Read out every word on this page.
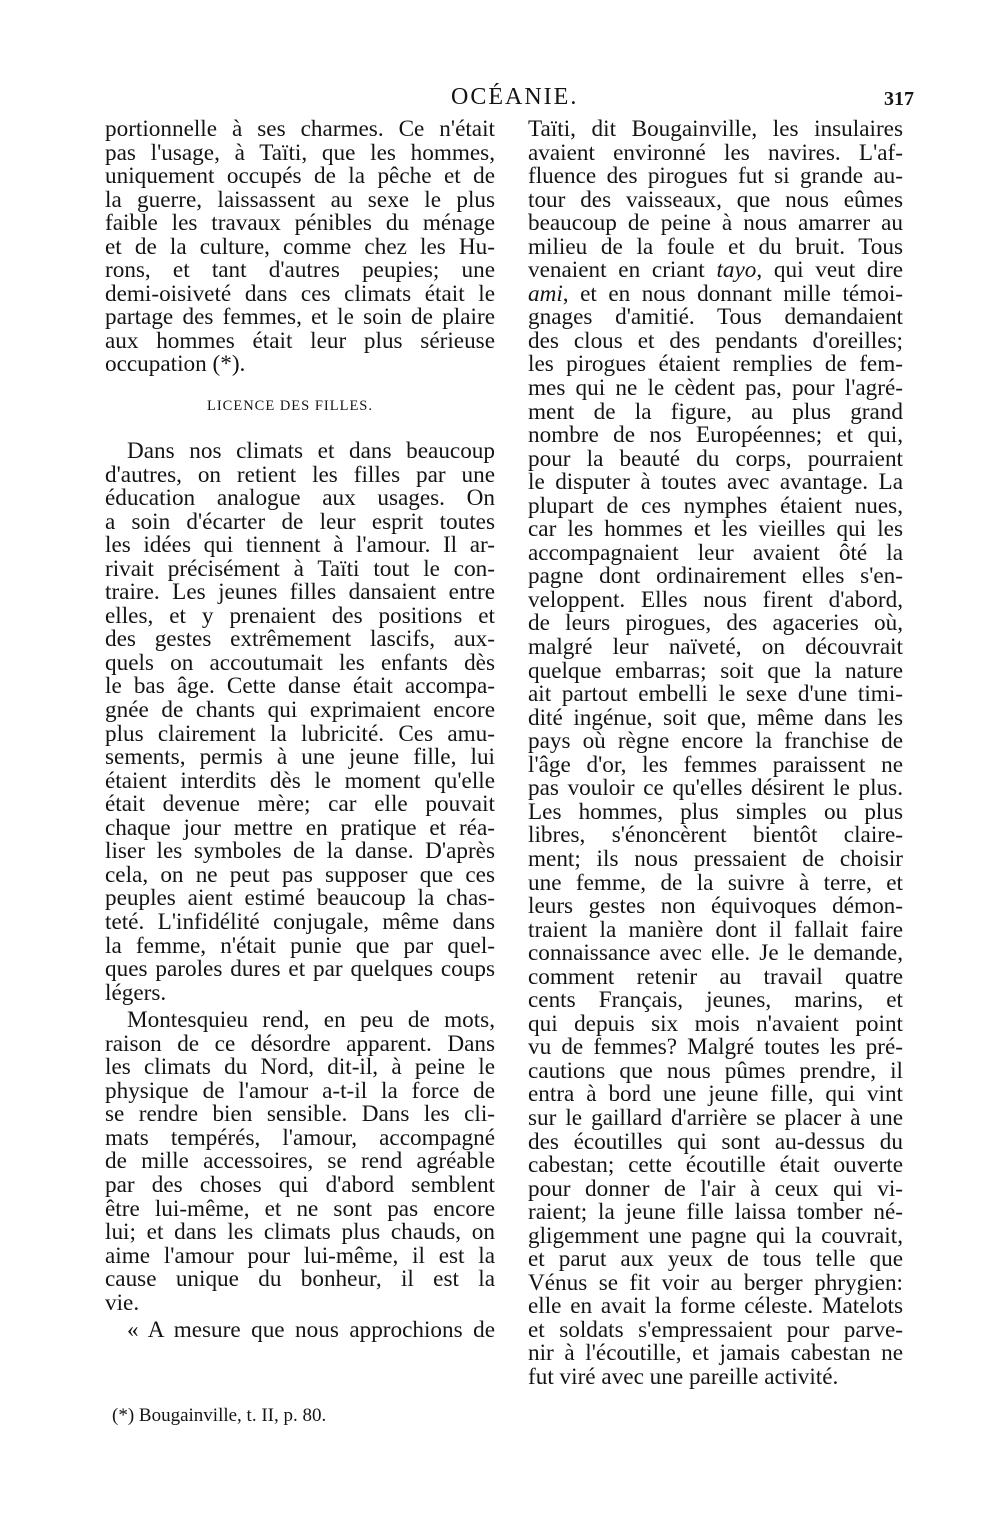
OCÉANIE.	317
portionnelle à ses charmes. Ce n'était
pas l'usage, à Taïti, que les hommes,
uniquement occupés de la pêche et de
la guerre, laissassent au sexe le plus
faible les travaux pénibles du ménage
et de la culture, comme chez les Hu-
rons, et tant d'autres peupies; une
demi-oisiveté dans ces climats était le
partage des femmes, et le soin de plaire
aux hommes était leur plus sérieuse
occupation (*).
LICENCE DES FILLES.
Dans nos climats et dans beaucoup
d'autres, on retient les filles par une
éducation analogue aux usages. On
a soin d'écarter de leur esprit toutes
les idées qui tiennent à l'amour. Il ar-
rivait précisément à Taïti tout le con-
traire. Les jeunes filles dansaient entre
elles, et y prenaient des positions et
des gestes extrêmement lascifs, aux-
quels on accoutumait les enfants dès
le bas âge. Cette danse était accompa-
gnée de chants qui exprimaient encore
plus clairement la lubricité. Ces amu-
sements, permis à une jeune fille, lui
étaient interdits dès le moment qu'elle
était devenue mère; car elle pouvait
chaque jour mettre en pratique et réa-
liser les symboles de la danse. D'après
cela, on ne peut pas supposer que ces
peuples aient estimé beaucoup la chas-
teté. L'infidélité conjugale, même dans
la femme, n'était punie que par quel-
ques paroles dures et par quelques coups
légers.
Montesquieu rend, en peu de mots,
raison de ce désordre apparent. Dans
les climats du Nord, dit-il, à peine le
physique de l'amour a-t-il la force de
se rendre bien sensible. Dans les cli-
mats tempérés, l'amour, accompagné
de mille accessoires, se rend agréable
par des choses qui d'abord semblent
être lui-même, et ne sont pas encore
lui; et dans les climats plus chauds, on
aime l'amour pour lui-même, il est la
cause unique du bonheur, il est la
vie.
« A mesure que nous approchions de
(*) Bougainville, t. II, p. 80.
Taïti, dit Bougainville, les insulaires
avaient environné les navires. L'af-
fluence des pirogues fut si grande au-
tour des vaisseaux, que nous eûmes
beaucoup de peine à nous amarrer au
milieu de la foule et du bruit. Tous
venaient en criant tayo, qui veut dire
ami, et en nous donnant mille témoi-
gnages d'amitié. Tous demandaient
des clous et des pendants d'oreilles;
les pirogues étaient remplies de fem-
mes qui ne le cèdent pas, pour l'agré-
ment de la figure, au plus grand
nombre de nos Européennes; et qui,
pour la beauté du corps, pourraient
le disputer à toutes avec avantage. La
plupart de ces nymphes étaient nues,
car les hommes et les vieilles qui les
accompagnaient leur avaient ôté la
pagne dont ordinairement elles s'en-
veloppent. Elles nous firent d'abord,
de leurs pirogues, des agaceries où,
malgré leur naïveté, on découvrait
quelque embarras; soit que la nature
ait partout embelli le sexe d'une timi-
dité ingénue, soit que, même dans les
pays où règne encore la franchise de
l'âge d'or, les femmes paraissent ne
pas vouloir ce qu'elles désirent le plus.
Les hommes, plus simples ou plus
libres, s'énoncèrent bientôt claire-
ment; ils nous pressaient de choisir
une femme, de la suivre à terre, et
leurs gestes non équivoques démon-
traient la manière dont il fallait faire
connaissance avec elle. Je le demande,
comment retenir au travail quatre
cents Français, jeunes, marins, et
qui depuis six mois n'avaient point
vu de femmes? Malgré toutes les pré-
cautions que nous pûmes prendre, il
entra à bord une jeune fille, qui vint
sur le gaillard d'arrière se placer à une
des écoutilles qui sont au-dessus du
cabestan; cette écoutille était ouverte
pour donner de l'air à ceux qui vi-
raient; la jeune fille laissa tomber né-
gligemment une pagne qui la couvrait,
et parut aux yeux de tous telle que
Vénus se fit voir au berger phrygien:
elle en avait la forme céleste. Matelots
et soldats s'empressaient pour parve-
nir à l'écoutille, et jamais cabestan ne
fut viré avec une pareille activité.
